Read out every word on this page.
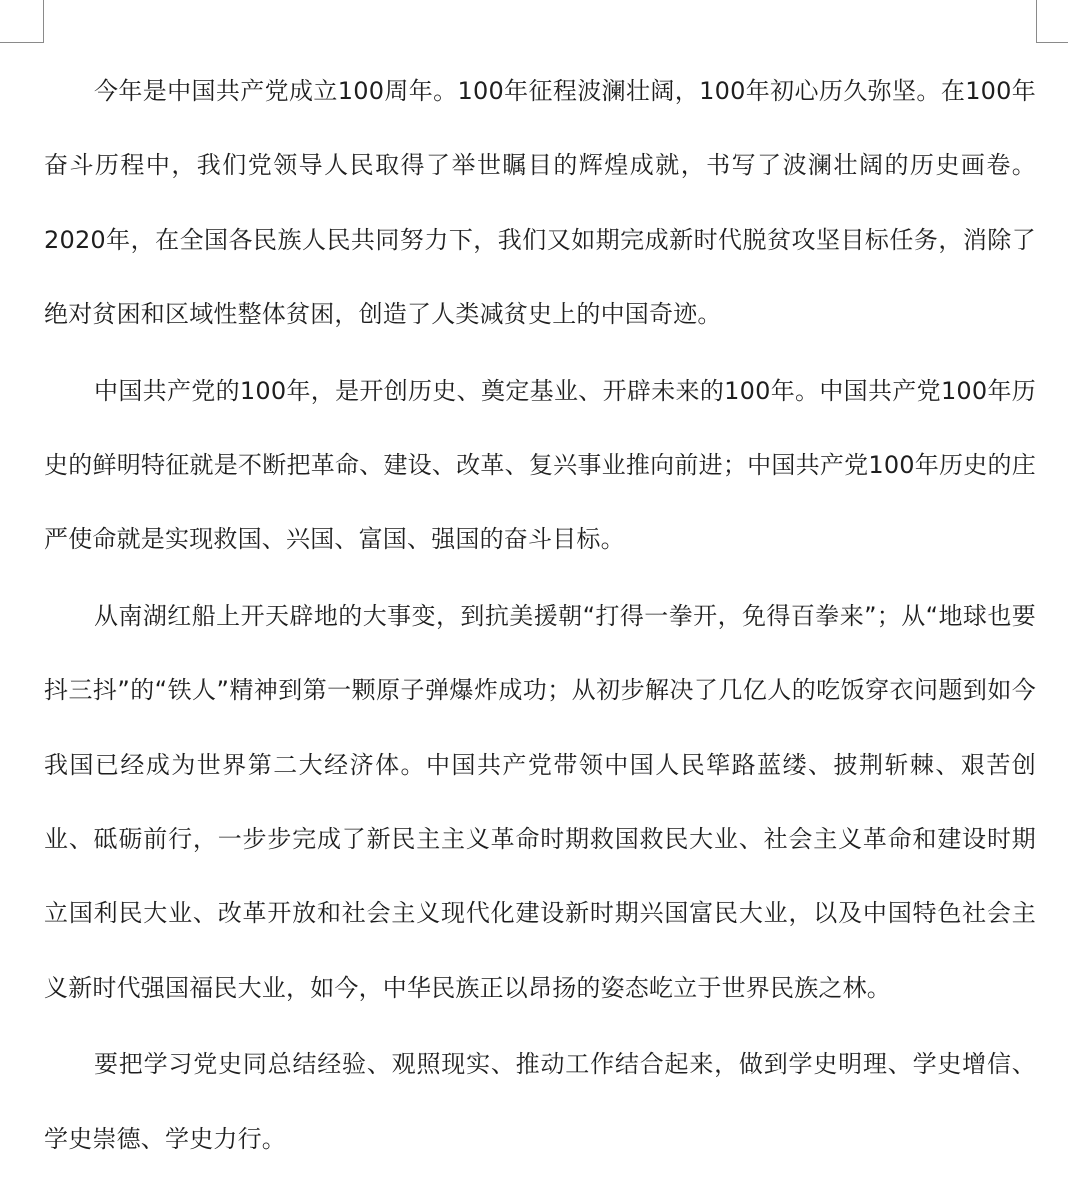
今年是中国共产党成立100周年。100年征程波澜壮阔，100年初心历久弥坚。在100年奋斗历程中，我们党领导人民取得了举世瞩目的辉煌成就，书写了波澜壮阔的历史画卷。2020年，在全国各民族人民共同努力下，我们又如期完成新时代脱贫攻坚目标任务，消除了绝对贫困和区域性整体贫困，创造了人类减贫史上的中国奇迹。

中国共产党的100年，是开创历史、奠定基业、开辟未来的100年。中国共产党100年历史的鲜明特征就是不断把革命、建设、改革、复兴事业推向前进；中国共产党100年历史的庄严使命就是实现救国、兴国、富国、强国的奋斗目标。

从南湖红船上开天辟地的大事变，到抗美援朝“打得一拳开，免得百拳来”；从“地球也要抖三抖”的“铁人”精神到第一颗原子弹爆炸成功；从初步解决了几亿人的吃饭穿衣问题到如今我国已经成为世界第二大经济体。中国共产党带领中国人民筚路蓝缕、披荆斩棘、艰苦创业、砥砺前行，一步步完成了新民主主义革命时期救国救民大业、社会主义革命和建设时期立国利民大业、改革开放和社会主义现代化建设新时期兴国富民大业，以及中国特色社会主义新时代强国福民大业，如今，中华民族正以昂扬的姿态屹立于世界民族之林。

要把学习党史同总结经验、观照现实、推动工作结合起来，做到学史明理、学史增信、学史崇德、学史力行。
